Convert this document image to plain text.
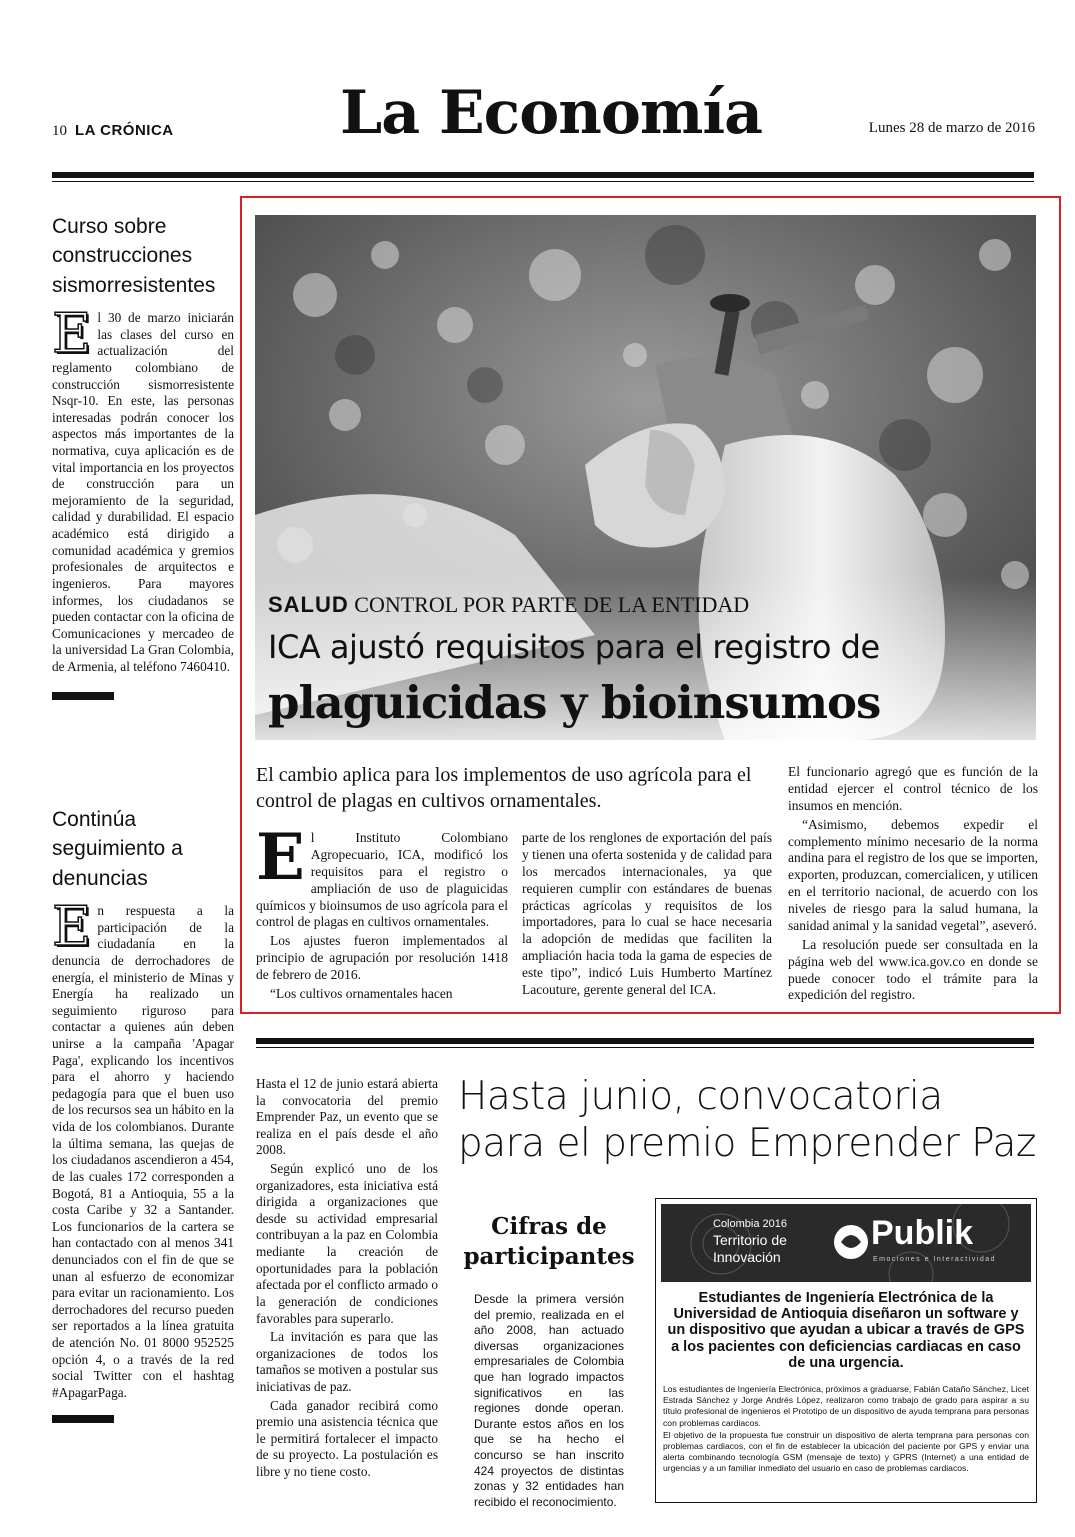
10 LA CRÓNICA	La Economía	Lunes 28 de marzo de 2016
Curso sobre construcciones sismorresistentes
El 30 de marzo iniciarán las clases del curso en actualización del reglamento colombiano de construcción sismorresistente Nsqr-10. En este, las personas interesadas podrán conocer los aspectos más importantes de la normativa, cuya aplicación es de vital importancia en los proyectos de construcción para un mejoramiento de la seguridad, calidad y durabilidad. El espacio académico está dirigido a comunidad académica y gremios profesionales de arquitectos e ingenieros. Para mayores informes, los ciudadanos se pueden contactar con la oficina de Comunicaciones y mercadeo de la universidad La Gran Colombia, de Armenia, al teléfono 7460410.
Continúa seguimiento a denuncias
En respuesta a la participación de la ciudadanía en la denuncia de derrochadores de energía, el ministerio de Minas y Energía ha realizado un seguimiento riguroso para contactar a quienes aún deben unirse a la campaña 'Apagar Paga', explicando los incentivos para el ahorro y haciendo pedagogía para que el buen uso de los recursos sea un hábito en la vida de los colombianos. Durante la última semana, las quejas de los ciudadanos ascendieron a 454, de las cuales 172 corresponden a Bogotá, 81 a Antioquia, 55 a la costa Caribe y 32 a Santander. Los funcionarios de la cartera se han contactado con al menos 341 denunciados con el fin de que se unan al esfuerzo de economizar para evitar un racionamiento. Los derrochadores del recurso pueden ser reportados a la línea gratuita de atención No. 01 8000 952525 opción 4, o a través de la red social Twitter con el hashtag #ApagarPaga.
SALUD CONTROL POR PARTE DE LA ENTIDAD
ICA ajustó requisitos para el registro de
plaguicidas y bioinsumos
El cambio aplica para los implementos de uso agrícola para el control de plagas en cultivos ornamentales.

El Instituto Colombiano Agropecuario, ICA, modificó los requisitos para el registro o ampliación de uso de plaguicidas químicos y bioinsumos de uso agrícola para el control de plagas en cultivos ornamentales.

Los ajustes fueron implementados al principio de agrupación por resolución 1418 de febrero de 2016.

“Los cultivos ornamentales hacen

parte de los renglones de exportación del país y tienen una oferta sostenida y de calidad para los mercados internacionales, ya que requieren cumplir con estándares de buenas prácticas agrícolas y requisitos de los importadores, para lo cual se hace necesaria la adopción de medidas que faciliten la ampliación hacia toda la gama de especies de este tipo”, indicó Luis Humberto Martínez Lacouture, gerente general del ICA.

El funcionario agregó que es función de la entidad ejercer el control técnico de los insumos en mención.

“Asimismo, debemos expedir el complemento mínimo necesario de la norma andina para el registro de los que se importen, exporten, produzcan, comercialicen, y utilicen en el territorio nacional, de acuerdo con los niveles de riesgo para la salud humana, la sanidad animal y la sanidad vegetal”, aseveró.

La resolución puede ser consultada en la página web del www.ica.gov.co en donde se puede conocer todo el trámite para la expedición del registro.

Hasta el 12 de junio estará abierta la convocatoria del premio Emprender Paz, un evento que se realiza en el país desde el año 2008.

Según explicó uno de los organizadores, esta iniciativa está dirigida a organizaciones que desde su actividad empresarial contribuyan a la paz en Colombia mediante la creación de oportunidades para la población afectada por el conflicto armado o la generación de condiciones favorables para superarlo.

La invitación es para que las organizaciones de todos los tamaños se motiven a postular sus iniciativas de paz.

Cada ganador recibirá como premio una asistencia técnica que le permitirá fortalecer el impacto de su proyecto. La postulación es libre y no tiene costo.

Hasta junio, convocatoria para el premio Emprender Paz
Cifras de participantes
Desde la primera versión del premio, realizada en el año 2008, han actuado diversas organizaciones empresariales de Colombia que han logrado impactos significativos en las regiones donde operan. Durante estos años en los que se ha hecho el concurso se han inscrito 424 proyectos de distintas zonas y 32 entidades han recibido el reconocimiento.
Colombia 2016
Territorio de
Innovación
Publik
Emociones e Interactividad
Estudiantes de Ingeniería Electrónica de la Universidad de Antioquia diseñaron un software y un dispositivo que ayudan a ubicar a través de GPS a los pacientes con deficiencias cardiacas en caso de una urgencia.

Los estudiantes de Ingeniería Electrónica, próximos a graduarse, Fabián Cataño Sánchez, Licet Estrada Sánchez y Jorge Andrés López, realizaron como trabajo de grado para aspirar a su título profesional de ingenieros el Prototipo de un dispositivo de ayuda temprana para personas con problemas cardiacos.

El objetivo de la propuesta fue construir un dispositivo de alerta temprana para personas con problemas cardiacos, con el fin de establecer la ubicación del paciente por GPS y enviar una alerta combinando tecnología GSM (mensaje de texto) y GPRS (Internet) a una entidad de urgencias y a un familiar inmediato del usuario en caso de problemas cardiacos.
